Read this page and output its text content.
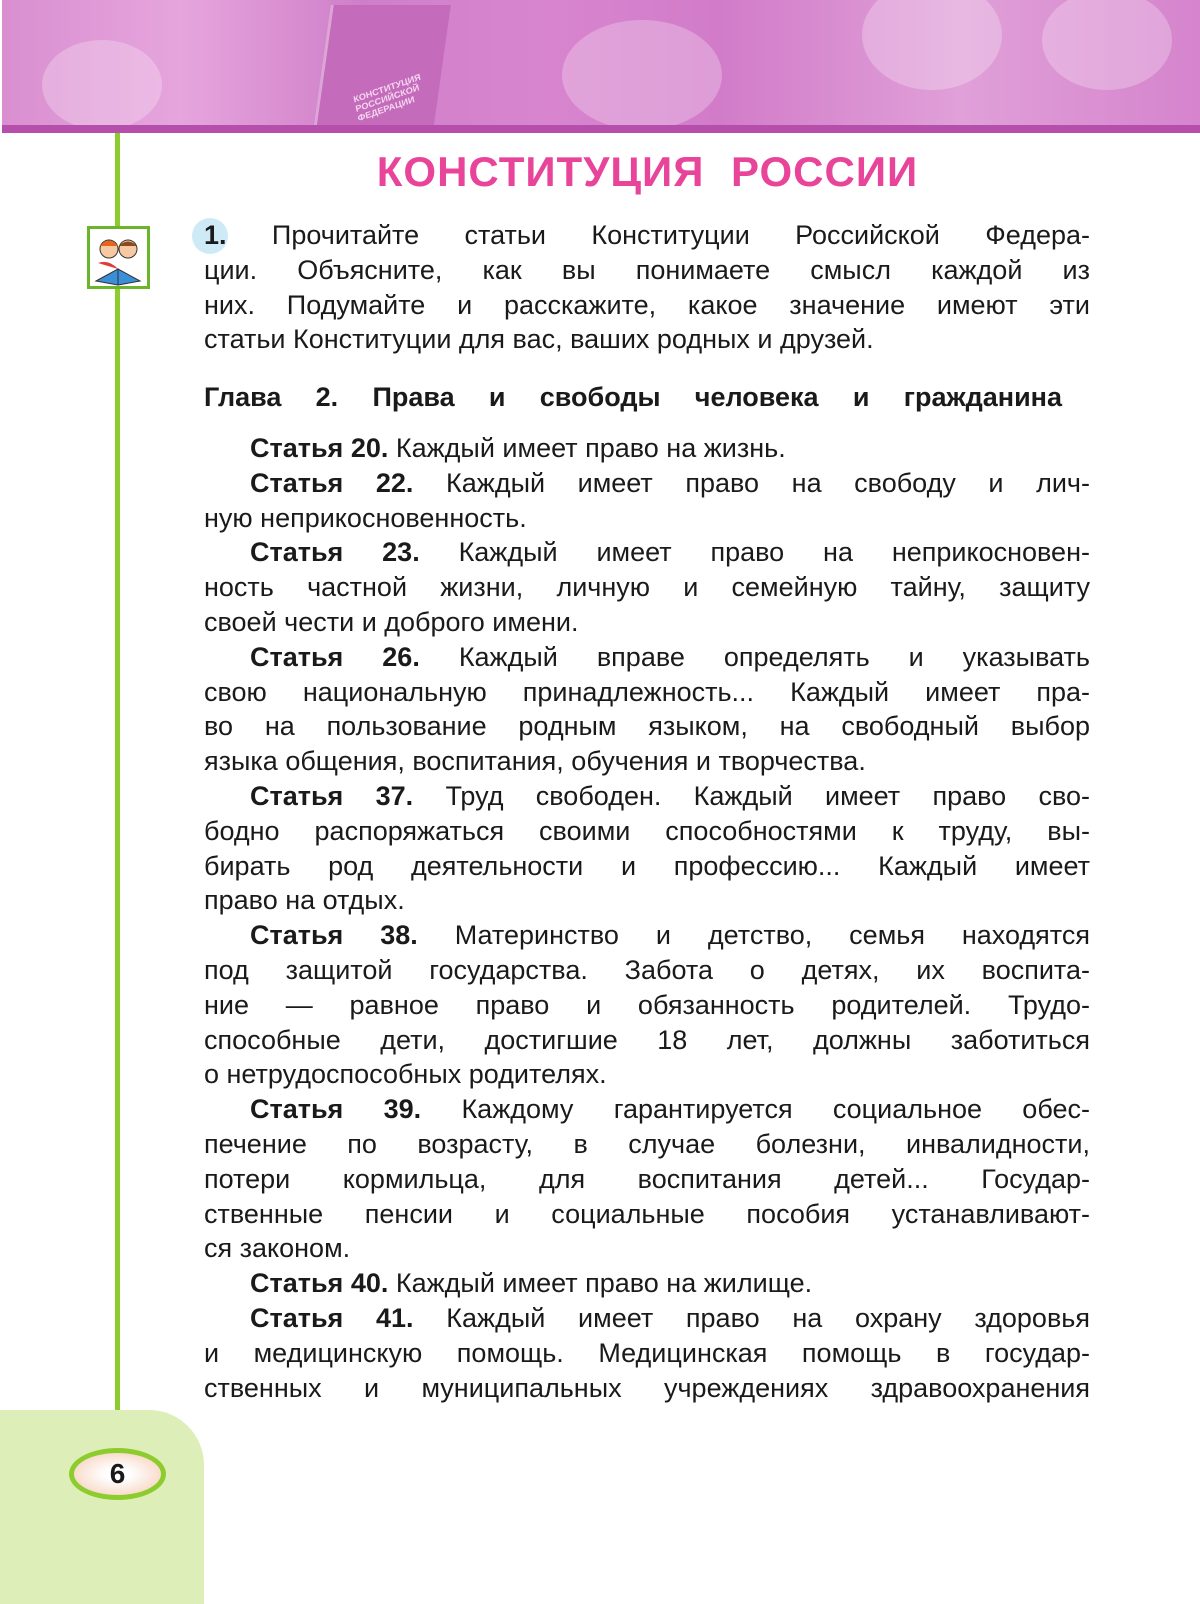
КОНСТИТУЦИЯ РОССИЙСКОЙ ФЕДЕРАЦИИ
6
КОНСТИТУЦИЯ РОССИИ
1. Прочитайте статьи Конституции Российской Федера-
ции. Объясните, как вы понимаете смысл каждой из
них. Подумайте и расскажите, какое значение имеют эти
статьи Конституции для вас, ваших родных и друзей.
Глава 2. Права и свободы человека и гражданина
Статья 20. Каждый имеет право на жизнь.
Статья 22. Каждый имеет право на свободу и лич-
ную неприкосновенность.
Статья 23. Каждый имеет право на неприкосновен-
ность частной жизни, личную и семейную тайну, защиту
своей чести и доброго имени.
Статья 26. Каждый вправе определять и указывать
свою национальную принадлежность... Каждый имеет пра-
во на пользование родным языком, на свободный выбор
языка общения, воспитания, обучения и творчества.
Статья 37. Труд свободен. Каждый имеет право сво-
бодно распоряжаться своими способностями к труду, вы-
бирать род деятельности и профессию... Каждый имеет
право на отдых.
Статья 38. Материнство и детство, семья находятся
под защитой государства. Забота о детях, их воспита-
ние — равное право и обязанность родителей. Трудо-
способные дети, достигшие 18 лет, должны заботиться
о нетрудоспособных родителях.
Статья 39. Каждому гарантируется социальное обес-
печение по возрасту, в случае болезни, инвалидности,
потери кормильца, для воспитания детей... Государ-
ственные пенсии и социальные пособия устанавливают-
ся законом.
Статья 40. Каждый имеет право на жилище.
Статья 41. Каждый имеет право на охрану здоровья
и медицинскую помощь. Медицинская помощь в государ-
ственных и муниципальных учреждениях здравоохранения
